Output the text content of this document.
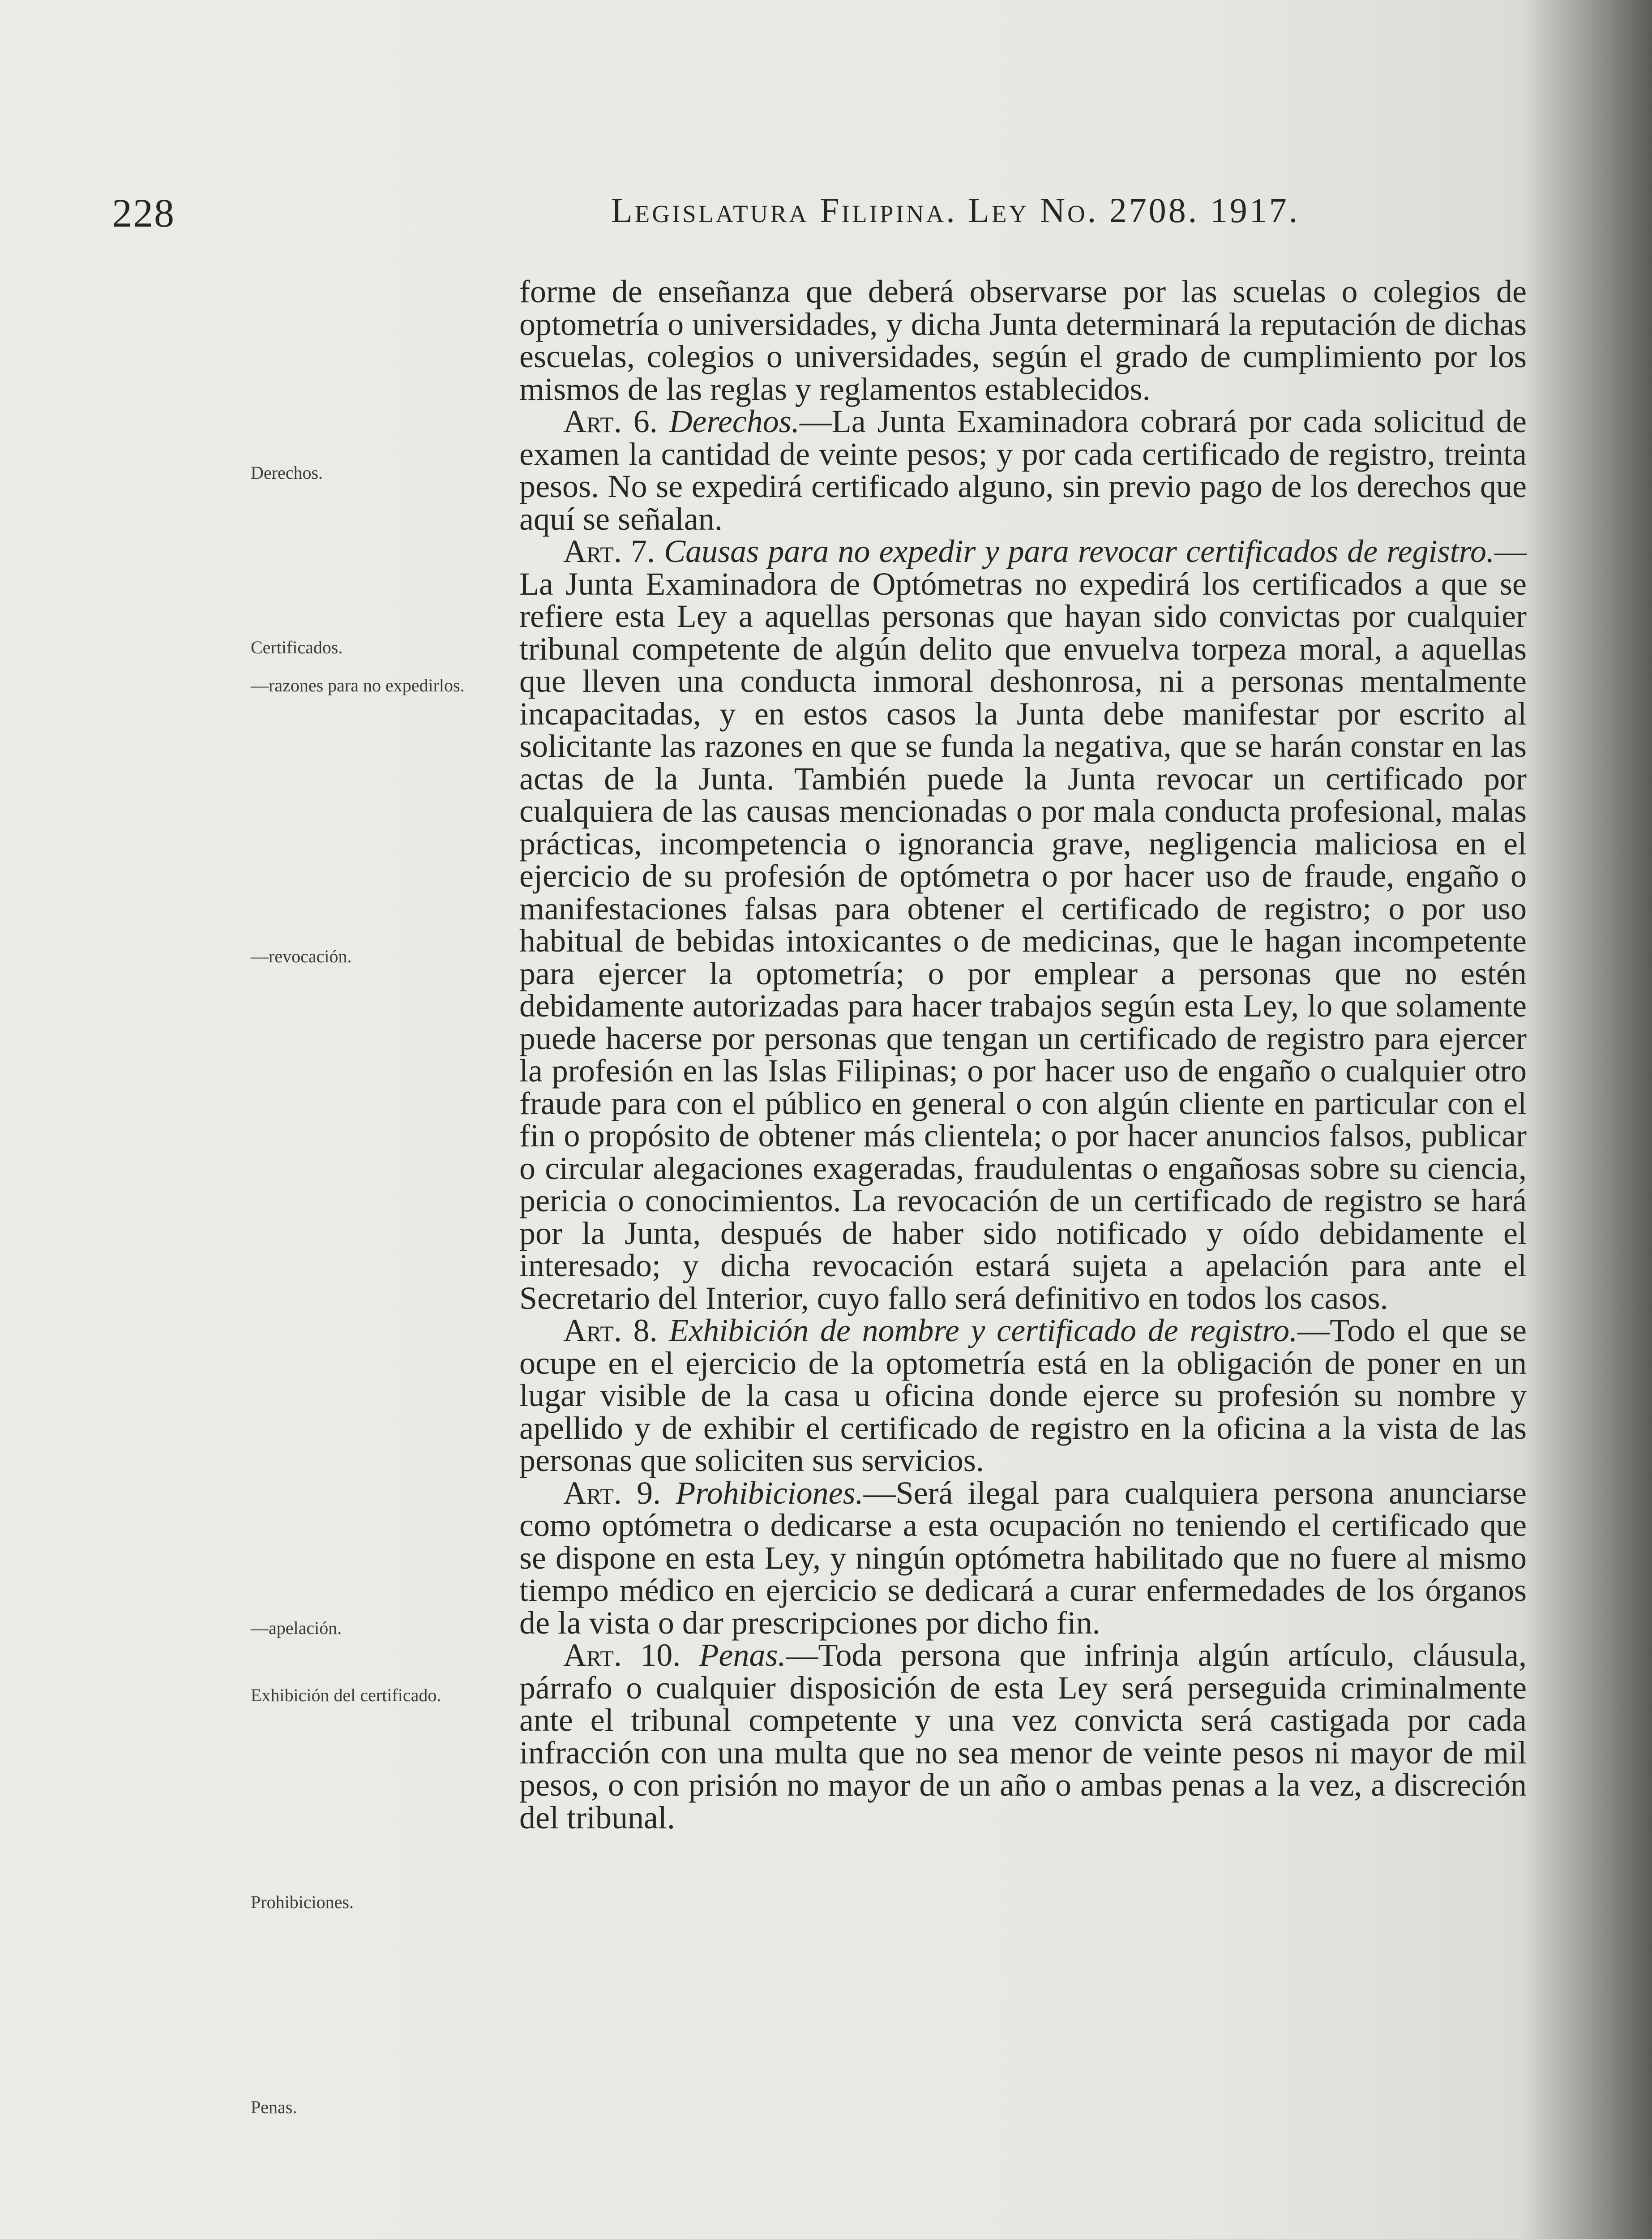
228	Legislatura Filipina. Ley No. 2708. 1917.
Derechos.
Certificados.
—razones para no expedirlos.
—revocación.
—apelación.
Exhibición del certificado.
Prohibiciones.
Penas.

forme de enseñanza que deberá observarse por las scuelas o colegios de optometría o universidades, y dicha Junta determinará la reputación de dichas escuelas, colegios o universidades, según el grado de cumplimiento por los mismos de las reglas y reglamentos establecidos.

Art. 6. Derechos.—La Junta Examinadora cobrará por cada solicitud de examen la cantidad de veinte pesos; y por cada certificado de registro, treinta pesos. No se expedirá certificado alguno, sin previo pago de los derechos que aquí se señalan.

Art. 7. Causas para no expedir y para revocar certificados de registro.—La Junta Examinadora de Optómetras no expedirá los certificados a que se refiere esta Ley a aquellas personas que hayan sido convictas por cualquier tribunal competente de algún delito que envuelva torpeza moral, a aquellas que lleven una conducta inmoral deshonrosa, ni a personas mentalmente incapacitadas, y en estos casos la Junta debe manifestar por escrito al solicitante las razones en que se funda la negativa, que se harán constar en las actas de la Junta. También puede la Junta revocar un certificado por cualquiera de las causas mencionadas o por mala conducta profesional, malas prácticas, incompetencia o ignorancia grave, negligencia maliciosa en el ejercicio de su profesión de optómetra o por hacer uso de fraude, engaño o manifestaciones falsas para obtener el certificado de registro; o por uso habitual de bebidas intoxicantes o de medicinas, que le hagan incompetente para ejercer la optometría; o por emplear a personas que no estén debidamente autorizadas para hacer trabajos según esta Ley, lo que solamente puede hacerse por personas que tengan un certificado de registro para ejercer la profesión en las Islas Filipinas; o por hacer uso de engaño o cualquier otro fraude para con el público en general o con algún cliente en particular con el fin o propósito de obtener más clientela; o por hacer anuncios falsos, publicar o circular alegaciones exageradas, fraudulentas o engañosas sobre su ciencia, pericia o conocimientos. La revocación de un certificado de registro se hará por la Junta, después de haber sido notificado y oído debidamente el interesado; y dicha revocación estará sujeta a apelación para ante el Secretario del Interior, cuyo fallo será definitivo en todos los casos.

Art. 8. Exhibición de nombre y certificado de registro.—Todo el que se ocupe en el ejercicio de la optometría está en la obligación de poner en un lugar visible de la casa u oficina donde ejerce su profesión su nombre y apellido y de exhibir el certificado de registro en la oficina a la vista de las personas que soliciten sus servicios.

Art. 9. Prohibiciones.—Será ilegal para cualquiera persona anunciarse como optómetra o dedicarse a esta ocupación no teniendo el certificado que se dispone en esta Ley, y ningún optómetra habilitado que no fuere al mismo tiempo médico en ejercicio se dedicará a curar enfermedades de los órganos de la vista o dar prescripciones por dicho fin.

Art. 10. Penas.—Toda persona que infrinja algún artículo, cláusula, párrafo o cualquier disposición de esta Ley será perseguida criminalmente ante el tribunal competente y una vez convicta será castigada por cada infracción con una multa que no sea menor de veinte pesos ni mayor de mil pesos, o con prisión no mayor de un año o ambas penas a la vez, a discreción del tribunal.
